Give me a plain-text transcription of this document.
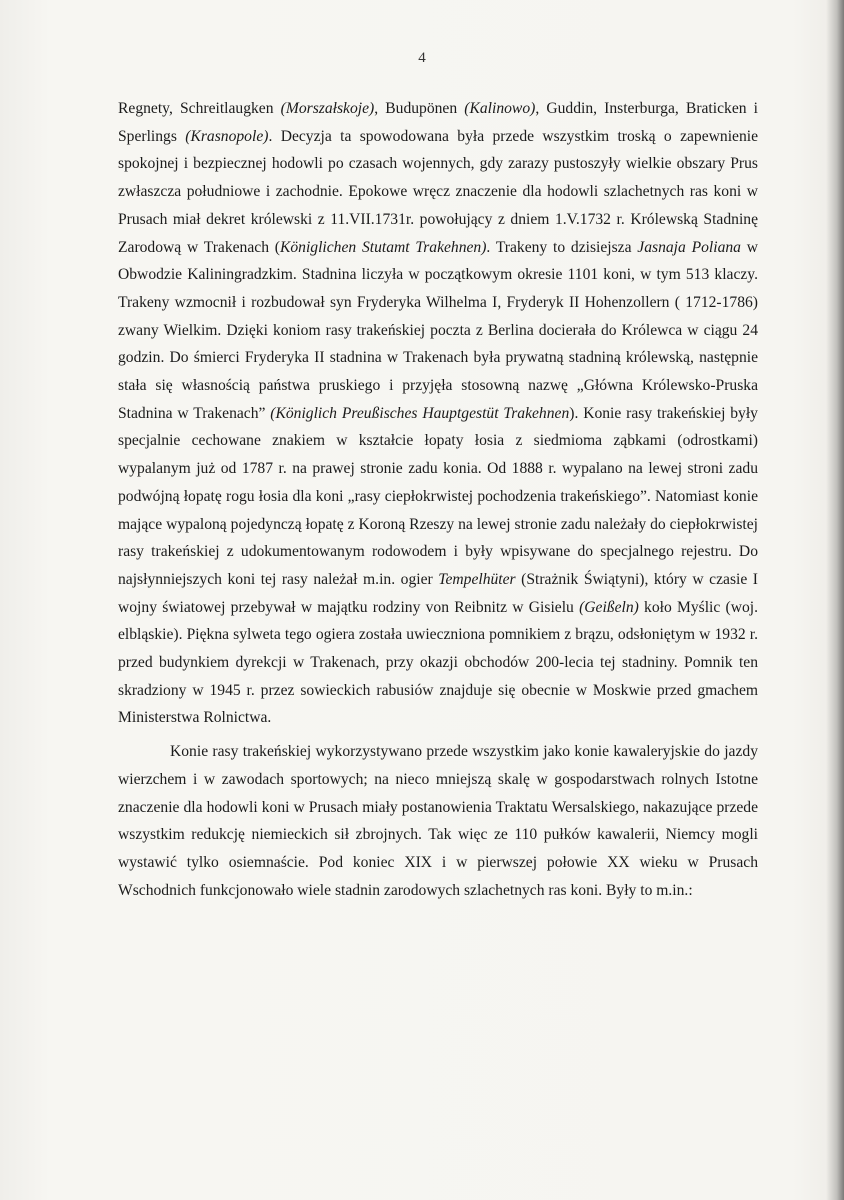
4

Regnety, Schreitlaugken (Morszałskoje), Budupönen (Kalinowo), Guddin, Insterburga, Braticken i Sperlings (Krasnopole). Decyzja ta spowodowana była przede wszystkim troską o zapewnienie spokojnej i bezpiecznej hodowli po czasach wojennych, gdy zarazy pustoszyły wielkie obszary Prus zwłaszcza południowe i zachodnie. Epokowe wręcz znaczenie dla hodowli szlachetnych ras koni w Prusach miał dekret królewski z 11.VII.1731r. powołujący z dniem 1.V.1732 r. Królewską Stadninę Zarodową w Trakenach (Königlichen Stutamt Trakehnen). Trakeny to dzisiejsza Jasnaja Poliana w Obwodzie Kaliningradzkim. Stadnina liczyła w początkowym okresie 1101 koni, w tym 513 klaczy. Trakeny wzmocnił i rozbudował syn Fryderyka Wilhelma I, Fryderyk II Hohenzollern ( 1712-1786) zwany Wielkim. Dzięki koniom rasy trakeńskiej poczta z Berlina docierała do Królewca w ciągu 24 godzin. Do śmierci Fryderyka II stadnina w Trakenach była prywatną stadniną królewską, następnie stała się własnością państwa pruskiego i przyjęła stosowną nazwę „Główna Królewsko-Pruska Stadnina w Trakenach” (Königlich Preußisches Hauptgestüt Trakehnen). Konie rasy trakeńskiej były specjalnie cechowane znakiem w kształcie łopaty łosia z siedmioma ząbkami (odrostkami) wypalanym już od 1787 r. na prawej stronie zadu konia. Od 1888 r. wypalano na lewej stroni zadu podwójną łopatę rogu łosia dla koni „rasy ciepłokrwistej pochodzenia trakeńskiego”. Natomiast konie mające wypaloną pojedynczą łopatę z Koroną Rzeszy na lewej stronie zadu należały do ciepłokrwistej rasy trakeńskiej z udokumentowanym rodowodem i były wpisywane do specjalnego rejestru. Do najsłynniejszych koni tej rasy należał m.in. ogier Tempelhüter (Strażnik Świątyni), który w czasie I wojny światowej przebywał w majątku rodziny von Reibnitz w Gisielu (Geißeln) koło Myślic (woj. elbląskie). Piękna sylweta tego ogiera została uwieczniona pomnikiem z brązu, odsłoniętym w 1932 r. przed budynkiem dyrekcji w Trakenach, przy okazji obchodów 200-lecia tej stadniny. Pomnik ten skradziony w 1945 r. przez sowieckich rabusiów znajduje się obecnie w Moskwie przed gmachem Ministerstwa Rolnictwa.

Konie rasy trakeńskiej wykorzystywano przede wszystkim jako konie kawaleryjskie do jazdy wierzchem i w zawodach sportowych; na nieco mniejszą skalę w gospodarstwach rolnych Istotne znaczenie dla hodowli koni w Prusach miały postanowienia Traktatu Wersalskiego, nakazujące przede wszystkim redukcję niemieckich sił zbrojnych. Tak więc ze 110 pułków kawalerii, Niemcy mogli wystawić tylko osiemnaście. Pod koniec XIX i w pierwszej połowie XX wieku w Prusach Wschodnich funkcjonowało wiele stadnin zarodowych szlachetnych ras koni. Były to m.in.:
